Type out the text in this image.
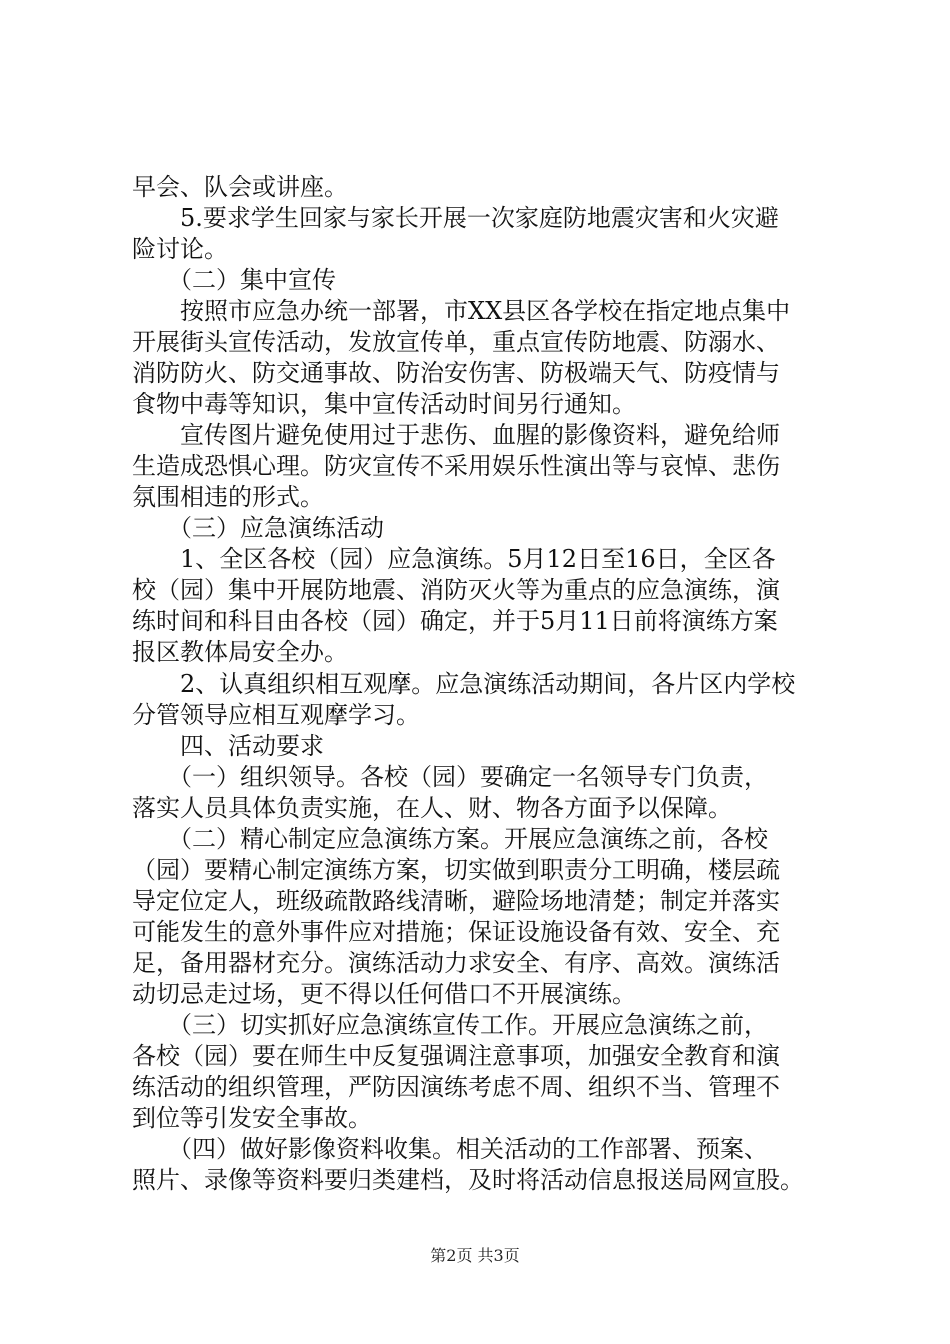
早会、队会或讲座。
　　5.要求学生回家与家长开展一次家庭防地震灾害和火灾避
险讨论。
　　（二）集中宣传
　　按照市应急办统一部署，市XX县区各学校在指定地点集中
开展街头宣传活动，发放宣传单，重点宣传防地震、防溺水、
消防防火、防交通事故、防治安伤害、防极端天气、防疫情与
食物中毒等知识，集中宣传活动时间另行通知。
　　宣传图片避免使用过于悲伤、血腥的影像资料，避免给师
生造成恐惧心理。防灾宣传不采用娱乐性演出等与哀悼、悲伤
氛围相违的形式。
　　（三）应急演练活动
　　1、全区各校（园）应急演练。5月12日至16日，全区各
校（园）集中开展防地震、消防灭火等为重点的应急演练，演
练时间和科目由各校（园）确定，并于5月11日前将演练方案
报区教体局安全办。
　　2、认真组织相互观摩。应急演练活动期间，各片区内学校
分管领导应相互观摩学习。
　　四、活动要求
　　（一）组织领导。各校（园）要确定一名领导专门负责，
落实人员具体负责实施，在人、财、物各方面予以保障。
　　（二）精心制定应急演练方案。开展应急演练之前，各校
（园）要精心制定演练方案，切实做到职责分工明确，楼层疏
导定位定人，班级疏散路线清晰，避险场地清楚；制定并落实
可能发生的意外事件应对措施；保证设施设备有效、安全、充
足，备用器材充分。演练活动力求安全、有序、高效。演练活
动切忌走过场，更不得以任何借口不开展演练。
　　（三）切实抓好应急演练宣传工作。开展应急演练之前，
各校（园）要在师生中反复强调注意事项，加强安全教育和演
练活动的组织管理，严防因演练考虑不周、组织不当、管理不
到位等引发安全事故。
　　（四）做好影像资料收集。相关活动的工作部署、预案、
照片、录像等资料要归类建档，及时将活动信息报送局网宣股。
第2页 共3页
